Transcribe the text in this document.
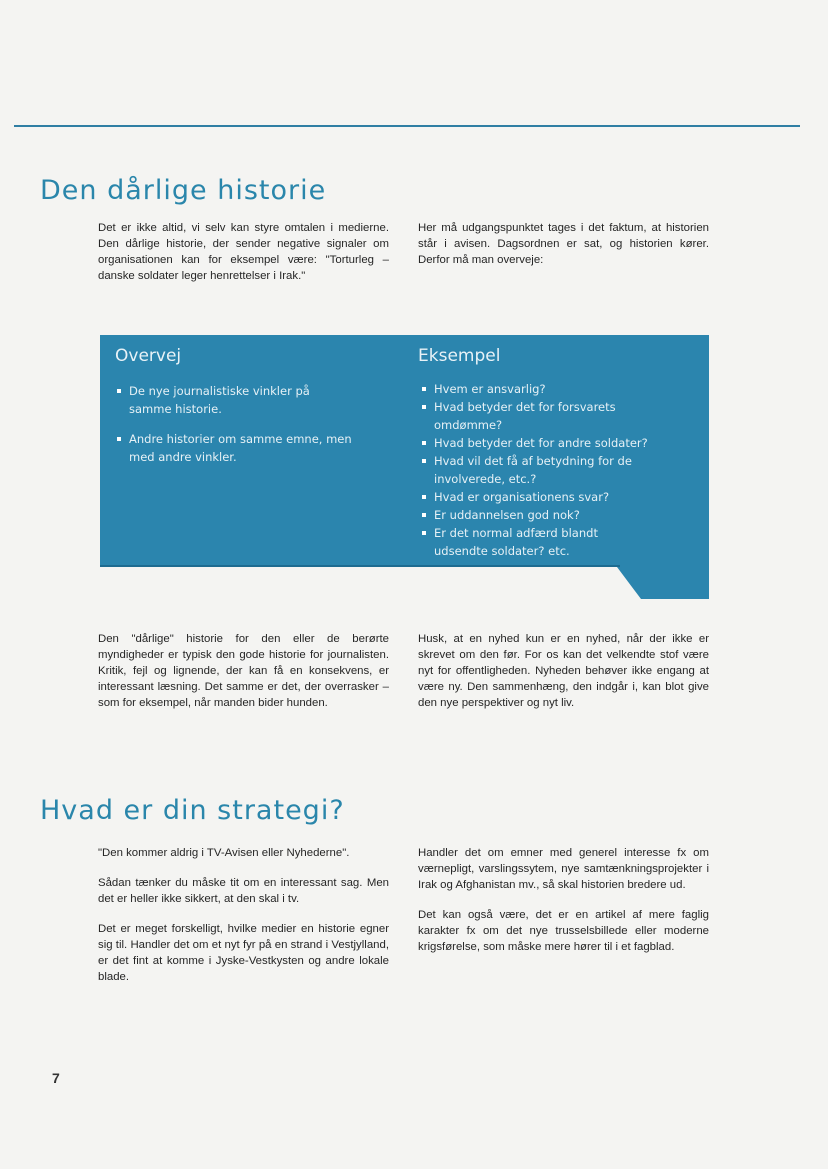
Den dårlige historie

Det er ikke altid, vi selv kan styre omtalen i medierne. Den dårlige historie, der sender negative signaler om organisationen kan for eksempel være: "Torturleg – danske soldater leger henrettelser i Irak."

Her må udgangspunktet tages i det faktum, at historien står i avisen. Dagsordnen er sat, og historien kører. Derfor må man overveje:

Overvej	Eksempel
De nye journalistiske vinkler på samme historie.
Andre historier om samme emne, men med andre vinkler.
Hvem er ansvarlig?
Hvad betyder det for forsvarets omdømme?
Hvad betyder det for andre soldater?
Hvad vil det få af betydning for de involverede, etc.?
Hvad er organisationens svar?
Er uddannelsen god nok?
Er det normal adfærd blandt udsendte soldater? etc.

Den "dårlige" historie for den eller de berørte myndigheder er typisk den gode historie for journalisten. Kritik, fejl og lignende, der kan få en konsekvens, er interessant læsning. Det samme er det, der overrasker – som for eksempel, når manden bider hunden.

Husk, at en nyhed kun er en nyhed, når der ikke er skrevet om den før. For os kan det velkendte stof være nyt for offentligheden. Nyheden behøver ikke engang at være ny. Den sammenhæng, den indgår i, kan blot give den nye perspektiver og nyt liv.

Hvad er din strategi?

"Den kommer aldrig i TV-Avisen eller Nyhederne".

Sådan tænker du måske tit om en interessant sag. Men det er heller ikke sikkert, at den skal i tv.

Det er meget forskelligt, hvilke medier en historie egner sig til. Handler det om et nyt fyr på en strand i Vestjylland, er det fint at komme i Jyske-Vestkysten og andre lokale blade.

Handler det om emner med generel interesse fx om værnepligt, varslingssytem, nye samtænkningsprojekter i Irak og Afghanistan mv., så skal historien bredere ud.

Det kan også være, det er en artikel af mere faglig karakter fx om det nye trusselsbillede eller moderne krigsførelse, som måske mere hører til i et fagblad.

7
